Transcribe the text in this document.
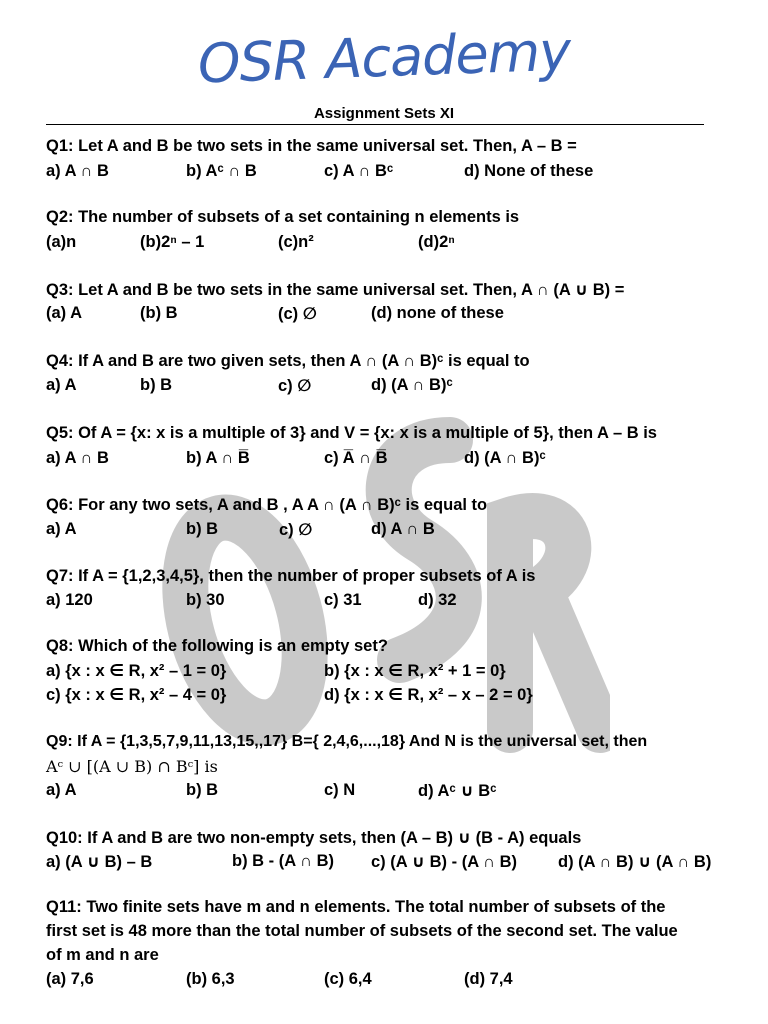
OSR Academy
Assignment Sets XI
Q1: Let A and B be two sets in the same universal set. Then, A – B =
a) A ∩ B	b) Aᶜ ∩ B	c) A ∩ Bᶜ	d) None of these
Q2: The number of subsets of a set containing n elements is
(a)n	(b)2ⁿ – 1	(c)n²	(d)2ⁿ
Q3: Let A and B be two sets in the same universal set. Then, A ∩ (A ∪ B) =
(a) A	(b) B	(c) ∅	(d) none of these
Q4: If A and B are two given sets, then A ∩ (A ∩ B)ᶜ is equal to
a) A	b) B	c) ∅	d) (A ∩ B)ᶜ
Q5: Of A = {x: x is a multiple of 3} and V = {x: x is a multiple of 5}, then A – B is
a) A ∩ B	b) A ∩ B̅	c) A̅ ∩ B̅	d) (A ∩ B)ᶜ
Q6: For any two sets, A and B , A A ∩ (A ∩ B)ᶜ is equal to
a) A	b) B	c) ∅	d) A ∩ B
Q7: If A = {1,2,3,4,5}, then the number of proper subsets of A is
a) 120	b) 30	c) 31	d) 32
Q8: Which of the following is an empty set?
a) {x : x ∈ R, x² – 1 = 0}	b) {x : x ∈ R, x² + 1 = 0}
c) {x : x ∈ R, x² – 4 = 0}	d) {x : x ∈ R, x² – x – 2 = 0}
Q9: If A = {1,3,5,7,9,11,13,15,,17} B={ 2,4,6,...,18} And N is the universal set, then
Aᶜ ∪ [(A ∪ B) ∩ Bᶜ] is
a) A	b) B	c) N	d) Aᶜ ∪ Bᶜ
Q10: If A and B are two non-empty sets, then (A – B) ∪ (B - A) equals
a) (A ∪ B) – B	b) B - (A ∩ B) c) (A ∪ B) - (A ∩ B) d) (A ∩ B) ∪ (A ∩ B)
Q11: Two finite sets have m and n elements. The total number of subsets of the
first set is 48 more than the total number of subsets of the second set. The value
of m and n are
(a) 7,6	(b) 6,3	(c) 6,4	(d) 7,4
